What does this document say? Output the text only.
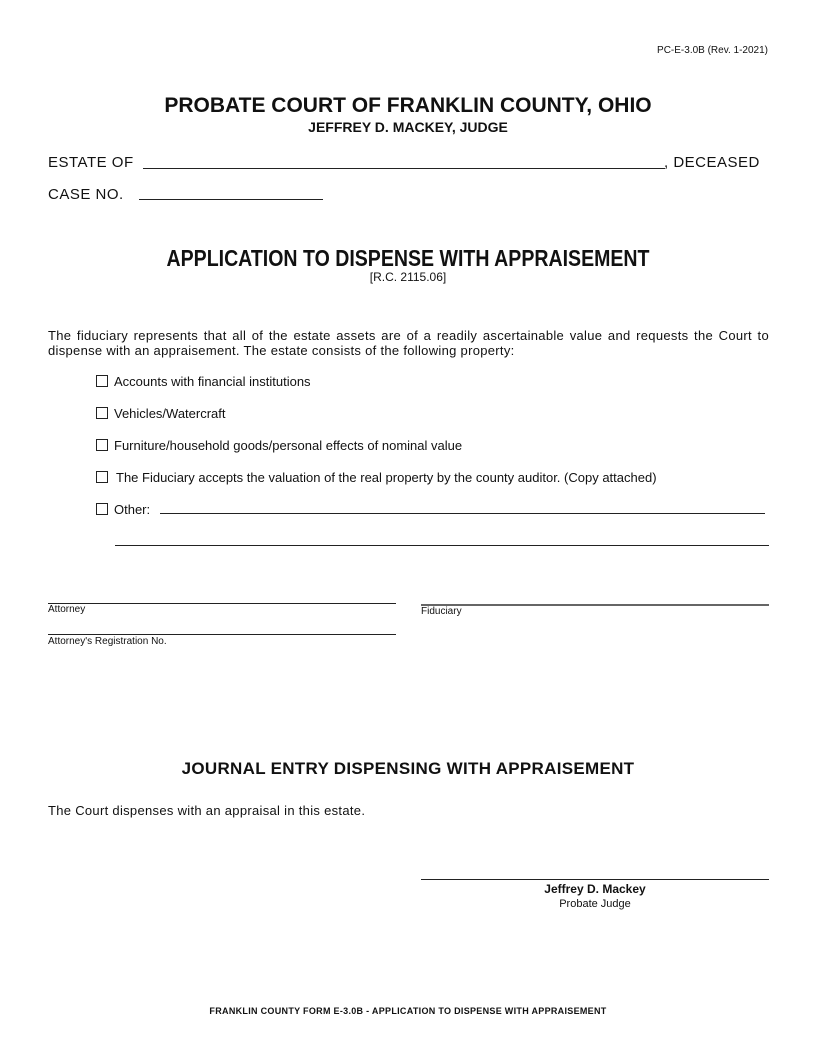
PC-E-3.0B (Rev. 1-2021)
PROBATE COURT OF FRANKLIN COUNTY, OHIO
JEFFREY D. MACKEY, JUDGE
ESTATE OF	, DECEASED
CASE NO.
APPLICATION TO DISPENSE WITH APPRAISEMENT
[R.C. 2115.06]
The fiduciary represents that all of the estate assets are of a readily ascertainable value and requests the Court to dispense with an appraisement. The estate consists of the following property:
Accounts with financial institutions
Vehicles/Watercraft
Furniture/household goods/personal effects of nominal value
The Fiduciary accepts the valuation of the real property by the county auditor. (Copy attached)
Other:
Attorney	Fiduciary
Attorney's Registration No.
JOURNAL ENTRY DISPENSING WITH APPRAISEMENT
The Court dispenses with an appraisal in this estate.
Jeffrey D. Mackey
Probate Judge
FRANKLIN COUNTY FORM E-3.0B - APPLICATION TO DISPENSE WITH APPRAISEMENT
